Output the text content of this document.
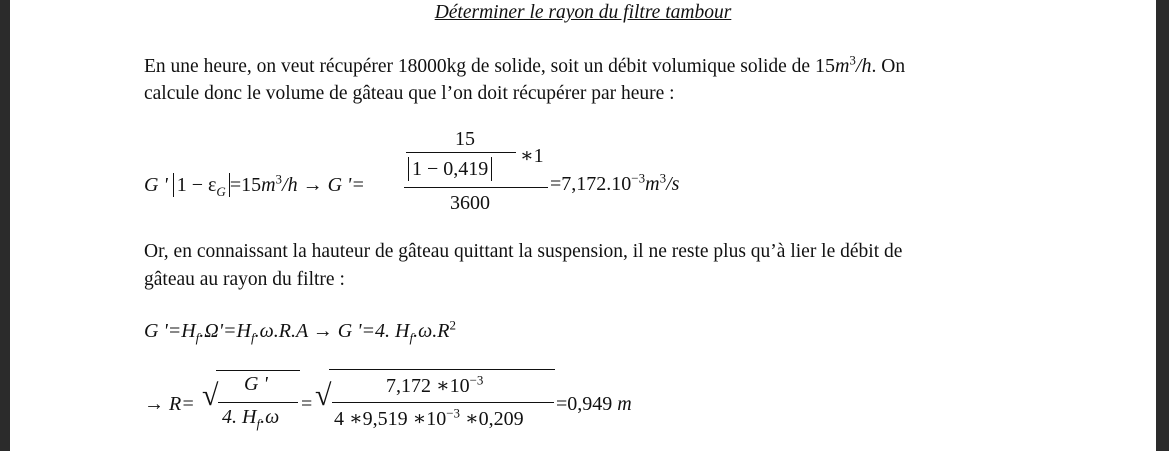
Déterminer le rayon du filtre tambour
En une heure, on veut récupérer 18000kg de solide, soit un débit volumique solide de $15m^3/h$. On
calcule donc le volume de gâteau que l’on doit récupérer par heure :
G ' $1 - \varepsilon_G =15m^3/h \to G$ '=
15
1 − 0,419
∗1
3600
$=7,172.10^{-3}m^3/s$
Or, en connaissant la hauteur de gâteau quittant la suspension, il ne reste plus qu’à lier le débit de
gâteau au rayon du filtre :
G '$=H_f.\Omega'=H_f.\omega.R.A \to G$ '=4. $H_f.\omega.R^2$
→ R= √ G '
4. $H_f.\omega$
= √	7,172 $∗10^{-3}$
4 ∗9,519 $∗10^{-3}$ ∗0,209
=0,949 m
